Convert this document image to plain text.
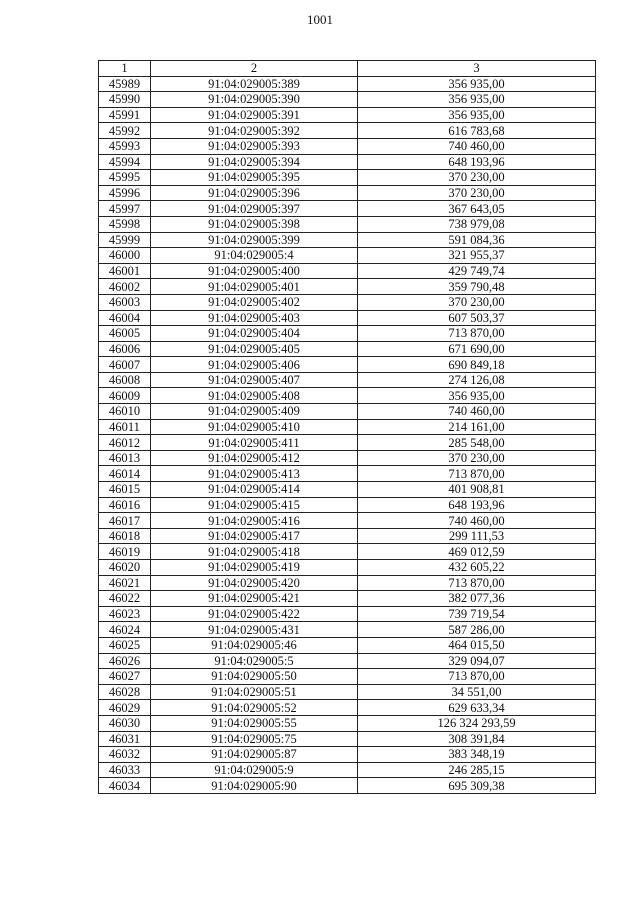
1001
1	2	3
45989	91:04:029005:389	356 935,00
45990	91:04:029005:390	356 935,00
45991	91:04:029005:391	356 935,00
45992	91:04:029005:392	616 783,68
45993	91:04:029005:393	740 460,00
45994	91:04:029005:394	648 193,96
45995	91:04:029005:395	370 230,00
45996	91:04:029005:396	370 230,00
45997	91:04:029005:397	367 643,05
45998	91:04:029005:398	738 979,08
45999	91:04:029005:399	591 084,36
46000	91:04:029005:4	321 955,37
46001	91:04:029005:400	429 749,74
46002	91:04:029005:401	359 790,48
46003	91:04:029005:402	370 230,00
46004	91:04:029005:403	607 503,37
46005	91:04:029005:404	713 870,00
46006	91:04:029005:405	671 690,00
46007	91:04:029005:406	690 849,18
46008	91:04:029005:407	274 126,08
46009	91:04:029005:408	356 935,00
46010	91:04:029005:409	740 460,00
46011	91:04:029005:410	214 161,00
46012	91:04:029005:411	285 548,00
46013	91:04:029005:412	370 230,00
46014	91:04:029005:413	713 870,00
46015	91:04:029005:414	401 908,81
46016	91:04:029005:415	648 193,96
46017	91:04:029005:416	740 460,00
46018	91:04:029005:417	299 111,53
46019	91:04:029005:418	469 012,59
46020	91:04:029005:419	432 605,22
46021	91:04:029005:420	713 870,00
46022	91:04:029005:421	382 077,36
46023	91:04:029005:422	739 719,54
46024	91:04:029005:431	587 286,00
46025	91:04:029005:46	464 015,50
46026	91:04:029005:5	329 094,07
46027	91:04:029005:50	713 870,00
46028	91:04:029005:51	34 551,00
46029	91:04:029005:52	629 633,34
46030	91:04:029005:55	126 324 293,59
46031	91:04:029005:75	308 391,84
46032	91:04:029005:87	383 348,19
46033	91:04:029005:9	246 285,15
46034	91:04:029005:90	695 309,38
